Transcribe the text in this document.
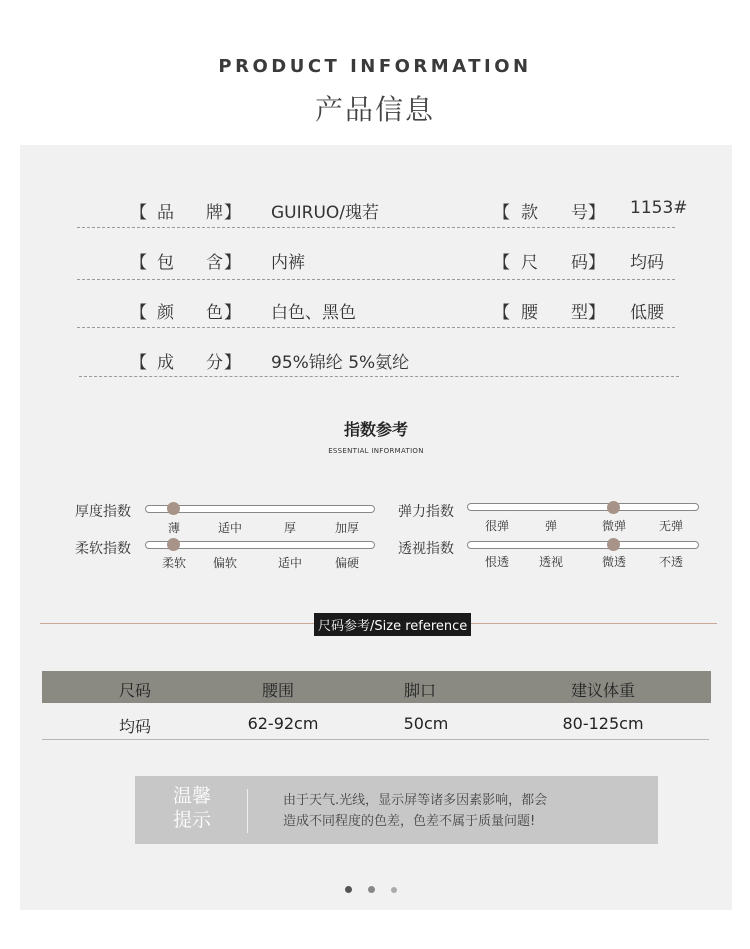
PRODUCT INFORMATION
产品信息
【 品 牌 】 GUIRUO/瑰若	【 款 号 】 1153#
【 包 含 】 内裤	【 尺 码 】 均码
【 颜 色 】 白色、黑色	【 腰 型 】 低腰
【 成 分 】 95%锦纶 5%氨纶
指数参考
ESSENTIAL INFORMATION
厚度指数
薄	适中	厚	加厚
柔软指数
柔软 偏软	适中	偏硬
弹力指数
很弹	弹	微弹	无弹
透视指数
恨透 透视	微透	不透
尺码参考/Size reference
尺码	腰围	脚口	建议体重
均码	62-92cm	50cm	80-125cm
温馨
提示
由于天气.光线，显示屏等诸多因素影响，都会
造成不同程度的色差，色差不属于质量问题!
